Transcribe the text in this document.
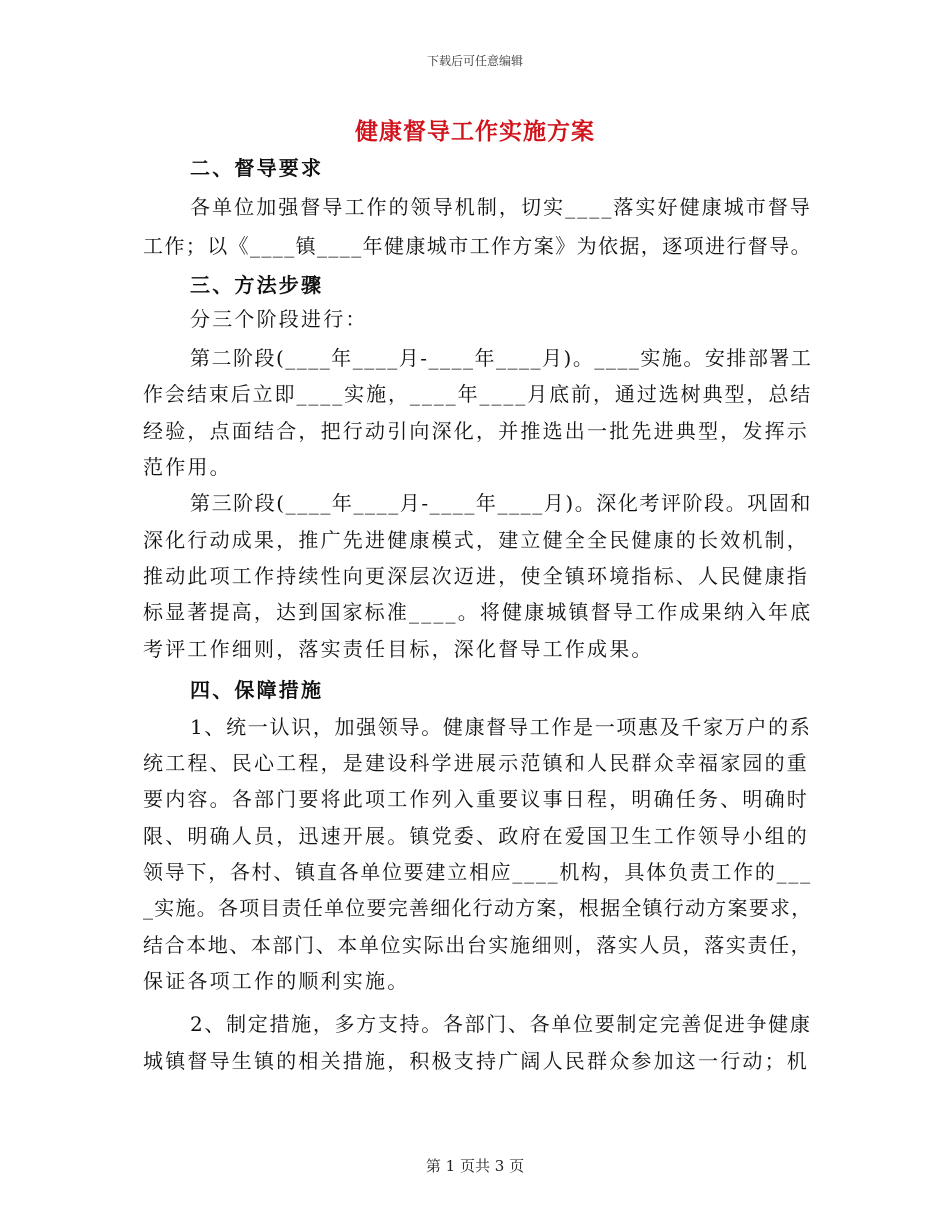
下载后可任意编辑
健康督导工作实施方案
二、督导要求
各单位加强督导工作的领导机制，切实____落实好健康城市督导
工作；以《____镇____年健康城市工作方案》为依据，逐项进行督导。
三、方法步骤
分三个阶段进行：
第二阶段(____年____月-____年____月)。____实施。安排部署工
作会结束后立即____实施，____年____月底前，通过选树典型，总结
经验，点面结合，把行动引向深化，并推选出一批先进典型，发挥示
范作用。
第三阶段(____年____月-____年____月)。深化考评阶段。巩固和
深化行动成果，推广先进健康模式，建立健全全民健康的长效机制，
推动此项工作持续性向更深层次迈进，使全镇环境指标、人民健康指
标显著提高，达到国家标准____。将健康城镇督导工作成果纳入年底
考评工作细则，落实责任目标，深化督导工作成果。
四、保障措施
1、统一认识，加强领导。健康督导工作是一项惠及千家万户的系
统工程、民心工程，是建设科学进展示范镇和人民群众幸福家园的重
要内容。各部门要将此项工作列入重要议事日程，明确任务、明确时
限、明确人员，迅速开展。镇党委、政府在爱国卫生工作领导小组的
领导下，各村、镇直各单位要建立相应____机构，具体负责工作的___
_实施。各项目责任单位要完善细化行动方案，根据全镇行动方案要求，
结合本地、本部门、本单位实际出台实施细则，落实人员，落实责任，
保证各项工作的顺利实施。
2、制定措施，多方支持。各部门、各单位要制定完善促进争健康
城镇督导生镇的相关措施，积极支持广阔人民群众参加这一行动；机
第 1 页共 3 页
